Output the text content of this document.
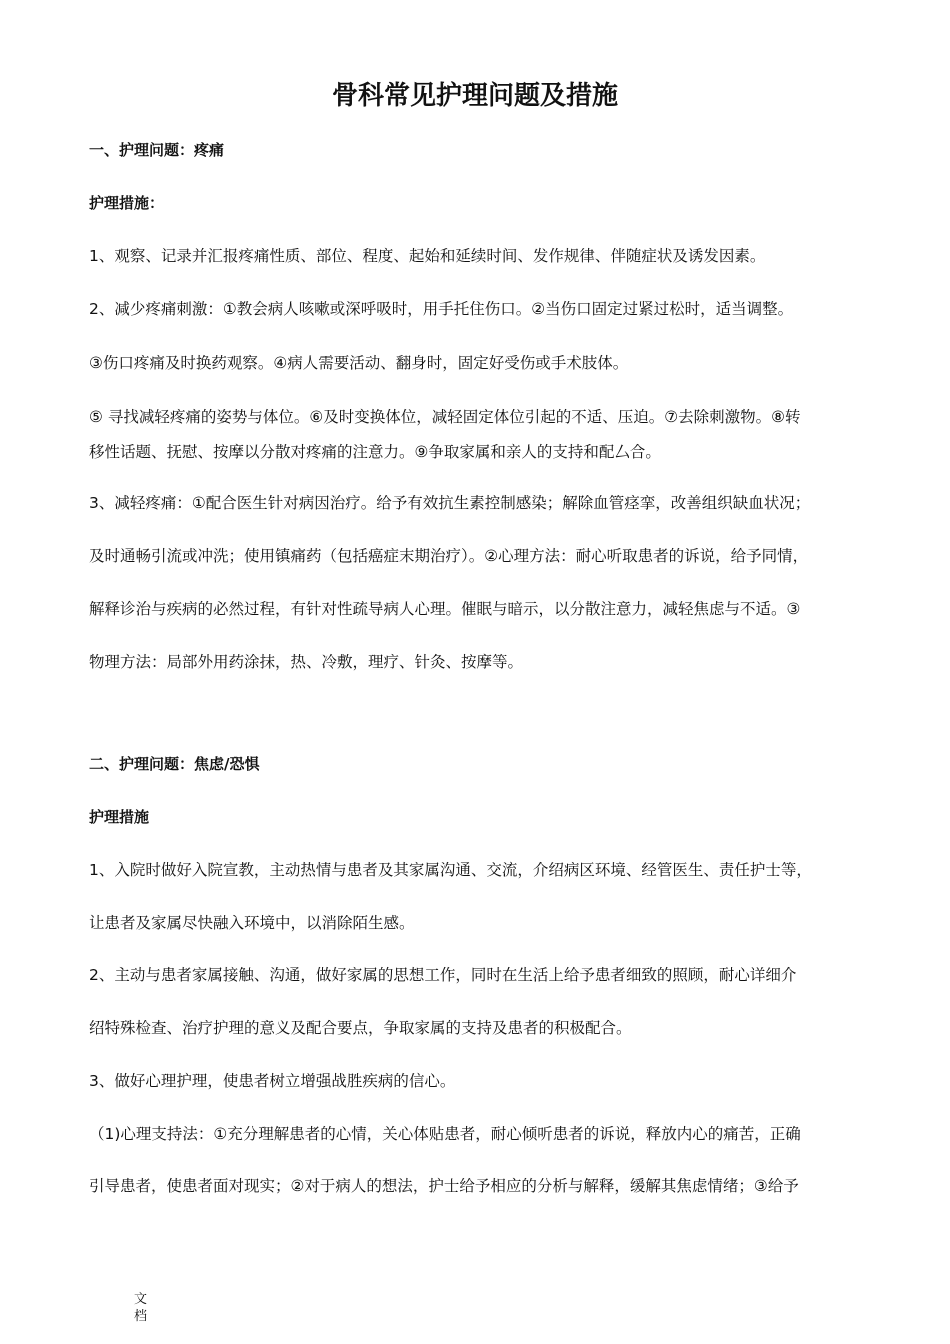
骨科常见护理问题及措施
一、护理问题：疼痛
护理措施：
1、观察、记录并汇报疼痛性质、部位、程度、起始和延续时间、发作规律、伴随症状及诱发因素。
2、减少疼痛刺激：①教会病人咳嗽或深呼吸时，用手托住伤口。②当伤口固定过紧过松时，适当调整。
③伤口疼痛及时换药观察。④病人需要活动、翻身时，固定好受伤或手术肢体。
⑤ 寻找减轻疼痛的姿势与体位。⑥及时变换体位，减轻固定体位引起的不适、压迫。⑦去除刺激物。⑧转
移性话题、抚慰、按摩以分散对疼痛的注意力。⑨争取家属和亲人的支持和配厶合。
3、减轻疼痛：①配合医生针对病因治疗。给予有效抗生素控制感染；解除血管痉挛，改善组织缺血状况；
及时通畅引流或冲洗；使用镇痛药（包括癌症末期治疗）。②心理方法：耐心听取患者的诉说，给予同情，
解释诊治与疾病的必然过程，有针对性疏导病人心理。催眠与暗示，以分散注意力，减轻焦虑与不适。③
物理方法：局部外用药涂抹，热、冷敷，理疗、针灸、按摩等。
二、护理问题：焦虑/恐惧
护理措施
1、入院时做好入院宣教，主动热情与患者及其家属沟通、交流，介绍病区环境、经管医生、责任护士等，
让患者及家属尽快融入环境中，以消除陌生感。
2、主动与患者家属接触、沟通，做好家属的思想工作，同时在生活上给予患者细致的照顾，耐心详细介
绍特殊检查、治疗护理的意义及配合要点，争取家属的支持及患者的积极配合。
3、做好心理护理，使患者树立增强战胜疾病的信心。
（1)心理支持法：①充分理解患者的心情，关心体贴患者，耐心倾听患者的诉说，释放内心的痛苦，正确
引导患者，使患者面对现实；②对于病人的想法，护士给予相应的分析与解释，缓解其焦虑情绪；③给予
文档
